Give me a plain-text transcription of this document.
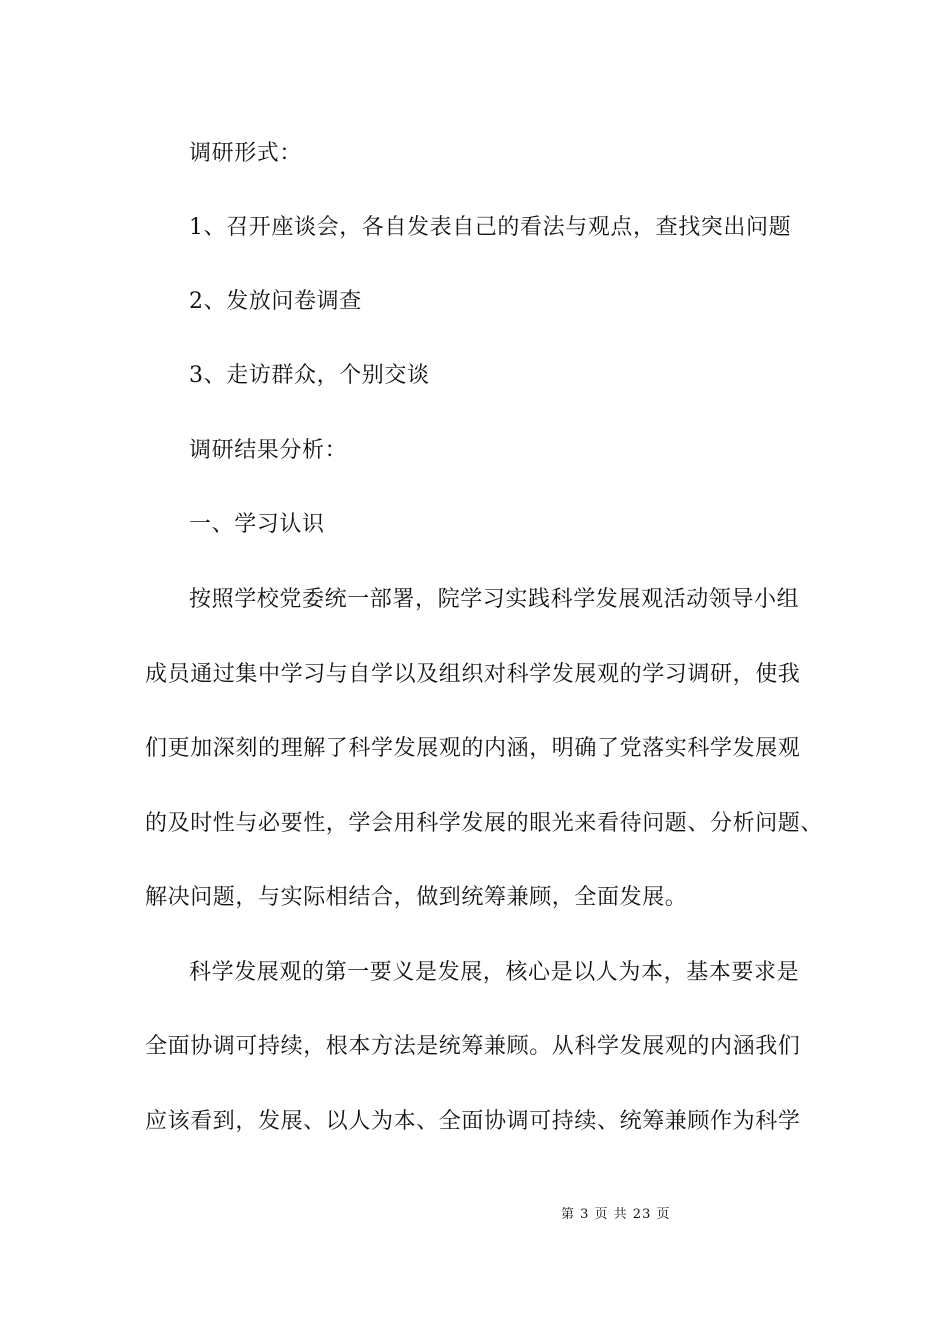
调研形式：
1、召开座谈会，各自发表自己的看法与观点，查找突出问题
2、发放问卷调查
3、走访群众，个别交谈
调研结果分析：
一、学习认识
按照学校党委统一部署，院学习实践科学发展观活动领导小组
成员通过集中学习与自学以及组织对科学发展观的学习调研，使我
们更加深刻的理解了科学发展观的内涵，明确了党落实科学发展观
的及时性与必要性，学会用科学发展的眼光来看待问题、分析问题、
解决问题，与实际相结合，做到统筹兼顾，全面发展。
科学发展观的第一要义是发展，核心是以人为本，基本要求是
全面协调可持续，根本方法是统筹兼顾。从科学发展观的内涵我们
应该看到，发展、以人为本、全面协调可持续、统筹兼顾作为科学
第 3 页 共 23 页
